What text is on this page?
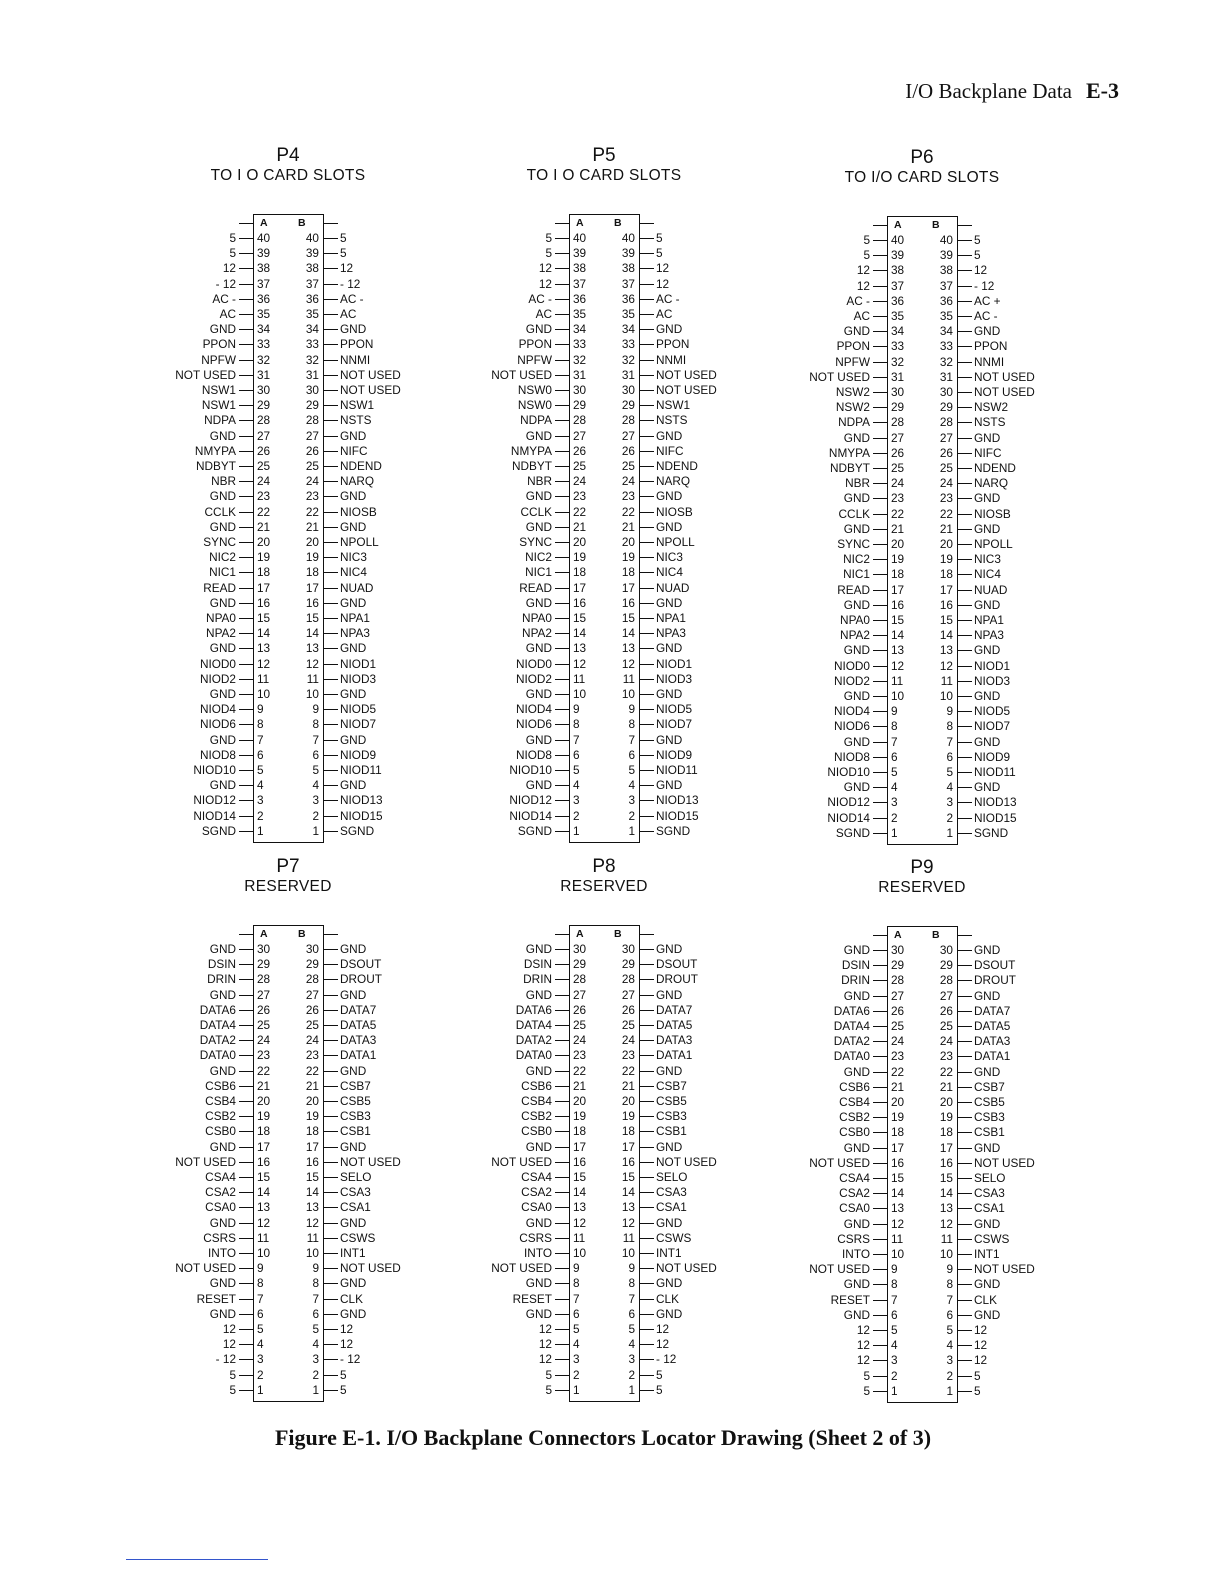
I/O Backplane Data E-3
P4
TO I O CARD SLOTS
A	B
5 40	40 5
5 39	39 5
12 38	38 12
- 12 37	37 - 12
AC - 36	36 AC -
AC 35	35 AC
GND 34	34 GND
PPON 33	33 PPON
NPFW 32	32 NNMI
NOT USED 31	31 NOT USED
NSW1 30	30 NOT USED
NSW1 29	29 NSW1
NDPA 28	28 NSTS
GND 27	27 GND
NMYPA 26	26 NIFC
NDBYT 25	25 NDEND
NBR 24	24 NARQ
GND 23	23 GND
CCLK 22	22 NIOSB
GND 21	21 GND
SYNC 20	20 NPOLL
NIC2 19	19 NIC3
NIC1 18	18 NIC4
READ 17	17 NUAD
GND 16	16 GND
NPA0 15	15 NPA1
NPA2 14	14 NPA3
GND 13	13 GND
NIOD0 12	12 NIOD1
NIOD2 11	11 NIOD3
GND 10	10 GND
NIOD4 9	9 NIOD5
NIOD6 8	8 NIOD7
GND 7	7 GND
NIOD8 6	6 NIOD9
NIOD10 5	5 NIOD11
GND 4	4 GND
NIOD12 3	3 NIOD13
NIOD14 2	2 NIOD15
SGND 1	1 SGND
P5
TO I O CARD SLOTS
A	B
5 40	40 5
5 39	39 5
12 38	38 12
12 37	37 12
AC - 36	36 AC -
AC 35	35 AC
GND 34	34 GND
PPON 33	33 PPON
NPFW 32	32 NNMI
NOT USED 31	31 NOT USED
NSW0 30	30 NOT USED
NSW0 29	29 NSW1
NDPA 28	28 NSTS
GND 27	27 GND
NMYPA 26	26 NIFC
NDBYT 25	25 NDEND
NBR 24	24 NARQ
GND 23	23 GND
CCLK 22	22 NIOSB
GND 21	21 GND
SYNC 20	20 NPOLL
NIC2 19	19 NIC3
NIC1 18	18 NIC4
READ 17	17 NUAD
GND 16	16 GND
NPA0 15	15 NPA1
NPA2 14	14 NPA3
GND 13	13 GND
NIOD0 12	12 NIOD1
NIOD2 11	11 NIOD3
GND 10	10 GND
NIOD4 9	9 NIOD5
NIOD6 8	8 NIOD7
GND 7	7 GND
NIOD8 6	6 NIOD9
NIOD10 5	5 NIOD11
GND 4	4 GND
NIOD12 3	3 NIOD13
NIOD14 2	2 NIOD15
SGND 1	1 SGND
P6
TO I/O CARD SLOTS
A	B
5 40	40 5
5 39	39 5
12 38	38 12
12 37	37 - 12
AC - 36	36 AC +
AC 35	35 AC -
GND 34	34 GND
PPON 33	33 PPON
NPFW 32	32 NNMI
NOT USED 31	31 NOT USED
NSW2 30	30 NOT USED
NSW2 29	29 NSW2
NDPA 28	28 NSTS
GND 27	27 GND
NMYPA 26	26 NIFC
NDBYT 25	25 NDEND
NBR 24	24 NARQ
GND 23	23 GND
CCLK 22	22 NIOSB
GND 21	21 GND
SYNC 20	20 NPOLL
NIC2 19	19 NIC3
NIC1 18	18 NIC4
READ 17	17 NUAD
GND 16	16 GND
NPA0 15	15 NPA1
NPA2 14	14 NPA3
GND 13	13 GND
NIOD0 12	12 NIOD1
NIOD2 11	11 NIOD3
GND 10	10 GND
NIOD4 9	9 NIOD5
NIOD6 8	8 NIOD7
GND 7	7 GND
NIOD8 6	6 NIOD9
NIOD10 5	5 NIOD11
GND 4	4 GND
NIOD12 3	3 NIOD13
NIOD14 2	2 NIOD15
SGND 1	1 SGND
P7
RESERVED
A	B
GND 30	30 GND
DSIN 29	29 DSOUT
DRIN 28	28 DROUT
GND 27	27 GND
DATA6 26	26 DATA7
DATA4 25	25 DATA5
DATA2 24	24 DATA3
DATA0 23	23 DATA1
GND 22	22 GND
CSB6 21	21 CSB7
CSB4 20	20 CSB5
CSB2 19	19 CSB3
CSB0 18	18 CSB1
GND 17	17 GND
NOT USED 16	16 NOT USED
CSA4 15	15 SELO
CSA2 14	14 CSA3
CSA0 13	13 CSA1
GND 12	12 GND
CSRS 11	11 CSWS
INTO 10	10 INT1
NOT USED 9	9 NOT USED
GND 8	8 GND
RESET 7	7 CLK
GND 6	6 GND
12 5	5 12
12 4	4 12
- 12 3	3 - 12
5 2	2 5
5 1	1 5
P8
RESERVED
A	B
GND 30	30 GND
DSIN 29	29 DSOUT
DRIN 28	28 DROUT
GND 27	27 GND
DATA6 26	26 DATA7
DATA4 25	25 DATA5
DATA2 24	24 DATA3
DATA0 23	23 DATA1
GND 22	22 GND
CSB6 21	21 CSB7
CSB4 20	20 CSB5
CSB2 19	19 CSB3
CSB0 18	18 CSB1
GND 17	17 GND
NOT USED 16	16 NOT USED
CSA4 15	15 SELO
CSA2 14	14 CSA3
CSA0 13	13 CSA1
GND 12	12 GND
CSRS 11	11 CSWS
INTO 10	10 INT1
NOT USED 9	9 NOT USED
GND 8	8 GND
RESET 7	7 CLK
GND 6	6 GND
12 5	5 12
12 4	4 12
12 3	3 - 12
5 2	2 5
5 1	1 5
P9
RESERVED
A	B
GND 30	30 GND
DSIN 29	29 DSOUT
DRIN 28	28 DROUT
GND 27	27 GND
DATA6 26	26 DATA7
DATA4 25	25 DATA5
DATA2 24	24 DATA3
DATA0 23	23 DATA1
GND 22	22 GND
CSB6 21	21 CSB7
CSB4 20	20 CSB5
CSB2 19	19 CSB3
CSB0 18	18 CSB1
GND 17	17 GND
NOT USED 16	16 NOT USED
CSA4 15	15 SELO
CSA2 14	14 CSA3
CSA0 13	13 CSA1
GND 12	12 GND
CSRS 11	11 CSWS
INTO 10	10 INT1
NOT USED 9	9 NOT USED
GND 8	8 GND
RESET 7	7 CLK
GND 6	6 GND
12 5	5 12
12 4	4 12
12 3	3 12
5 2	2 5
5 1	1 5
Figure E-1. I/O Backplane Connectors Locator Drawing (Sheet 2 of 3)
